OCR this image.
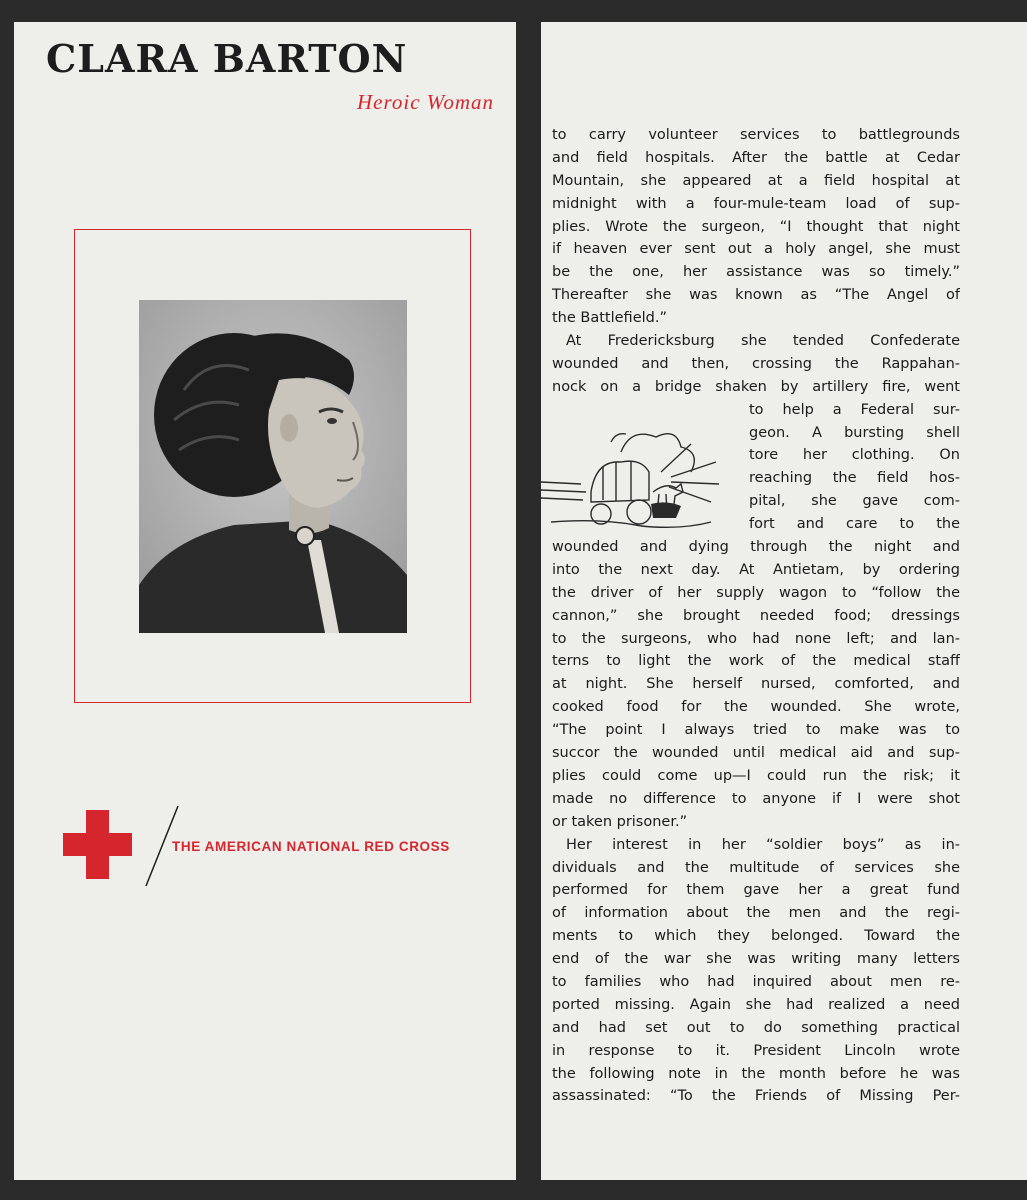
CLARA BARTON
Heroic Woman
THE AMERICAN NATIONAL RED CROSS
to carry volunteer services to battlegrounds
and field hospitals. After the battle at Cedar
Mountain, she appeared at a field hospital at
midnight with a four-mule-team load of sup-
plies. Wrote the surgeon, “I thought that night
if heaven ever sent out a holy angel, she must
be the one, her assistance was so timely.”
Thereafter she was known as “The Angel of
the Battlefield.”
At Fredericksburg she tended Confederate
wounded and then, crossing the Rappahan-
nock on a bridge shaken by artillery fire, went
to help a Federal sur-
geon. A bursting shell
tore her clothing. On
reaching the field hos-
pital, she gave com-
fort and care to the
wounded and dying through the night and
into the next day. At Antietam, by ordering
the driver of her supply wagon to “follow the
cannon,” she brought needed food; dressings
to the surgeons, who had none left; and lan-
terns to light the work of the medical staff
at night. She herself nursed, comforted, and
cooked food for the wounded. She wrote,
“The point I always tried to make was to
succor the wounded until medical aid and sup-
plies could come up—I could run the risk; it
made no difference to anyone if I were shot
or taken prisoner.”
Her interest in her “soldier boys” as in-
dividuals and the multitude of services she
performed for them gave her a great fund
of information about the men and the regi-
ments to which they belonged. Toward the
end of the war she was writing many letters
to families who had inquired about men re-
ported missing. Again she had realized a need
and had set out to do something practical
in response to it. President Lincoln wrote
the following note in the month before he was
assassinated: “To the Friends of Missing Per-
